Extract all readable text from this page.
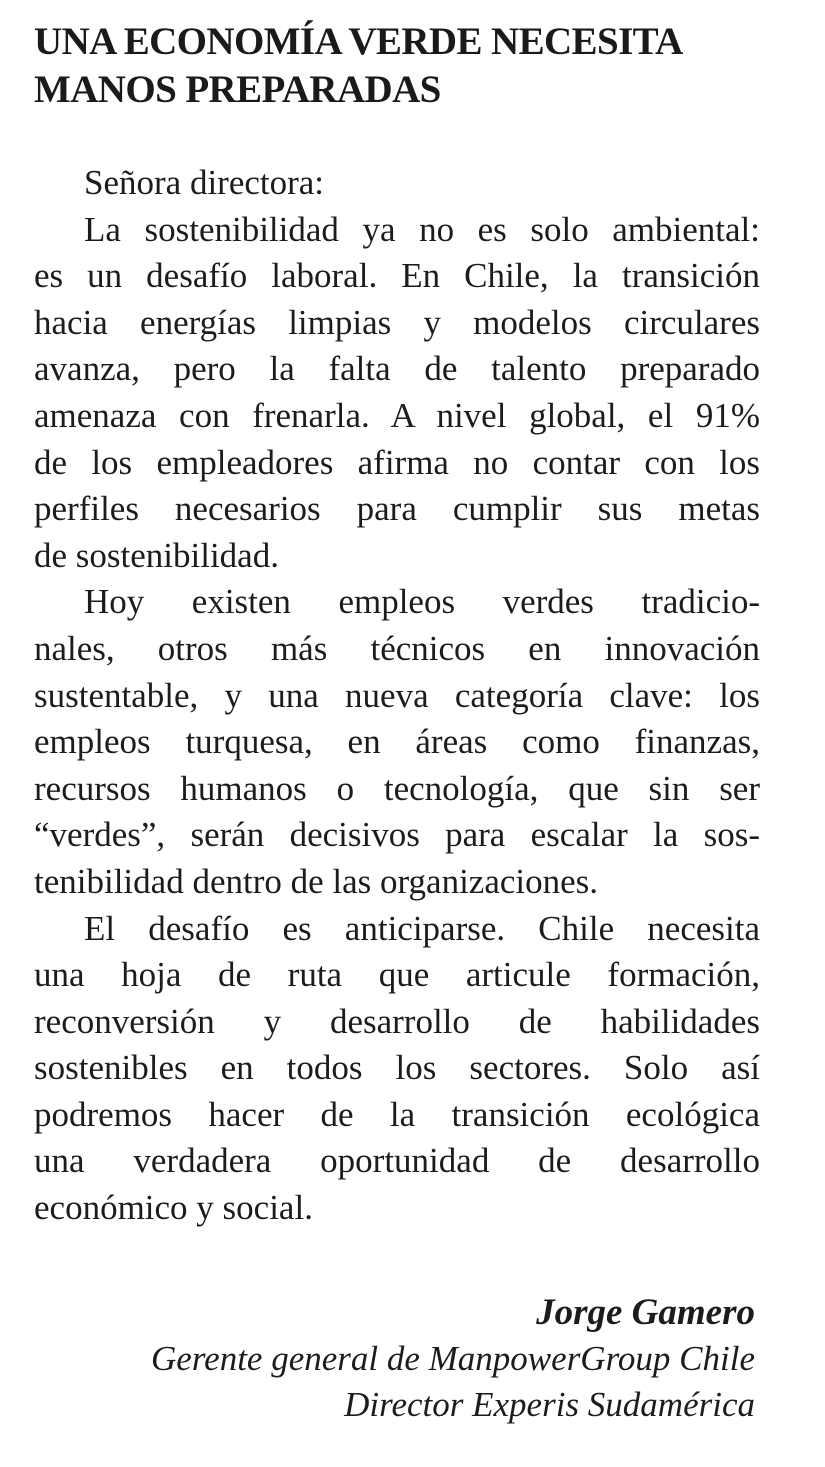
UNA ECONOMÍA VERDE NECESITA
MANOS PREPARADAS
Señora directora:
La sostenibilidad ya no es solo ambiental:
es un desafío laboral. En Chile, la transición
hacia energías limpias y modelos circulares
avanza, pero la falta de talento preparado
amenaza con frenarla. A nivel global, el 91%
de los empleadores afirma no contar con los
perfiles necesarios para cumplir sus metas
de sostenibilidad.
Hoy existen empleos verdes tradicio-
nales, otros más técnicos en innovación
sustentable, y una nueva categoría clave: los
empleos turquesa, en áreas como finanzas,
recursos humanos o tecnología, que sin ser
“verdes”, serán decisivos para escalar la sos-
tenibilidad dentro de las organizaciones.
El desafío es anticiparse. Chile necesita
una hoja de ruta que articule formación,
reconversión y desarrollo de habilidades
sostenibles en todos los sectores. Solo así
podremos hacer de la transición ecológica
una verdadera oportunidad de desarrollo
económico y social.
Jorge Gamero
Gerente general de ManpowerGroup Chile
Director Experis Sudamérica
